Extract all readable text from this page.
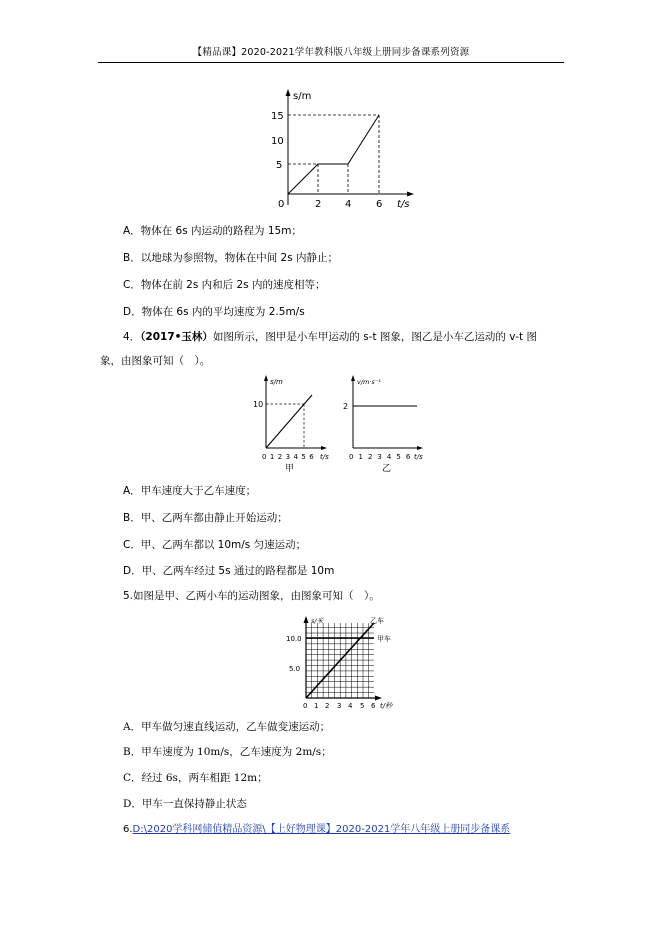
【精品课】2020-2021学年教科版八年级上册同步备课系列资源
s/m
15
10
5
0	2 4 6 t/s
A．物体在 6s 内运动的路程为 15m；
B．以地球为参照物，物体在中间 2s 内静止；
C．物体在前 2s 内和后 2s 内的速度相等；
D．物体在 6s 内的平均速度为 2.5m/s
4．（2017•玉林）如图所示，图甲是小车甲运动的 s-t 图象，图乙是小车乙运动的 v-t 图
象，由图象可知（　）。
s/m
10
0 1 2 3 4 5 6 t/s
甲
v/m·s⁻¹
2
0 1 2 3 4 5 6 t/s
乙
A．甲车速度大于乙车速度；
B．甲、乙两车都由静止开始运动；
C．甲、乙两车都以 10m/s 匀速运动；
D．甲、乙两车经过 5s 通过的路程都是 10m
5.如图是甲、乙两小车的运动图象，由图象可知（　）。
s/米
10.0
5.0
乙车
甲车
0 1 2 3 4 5 6 t/秒
A．甲车做匀速直线运动，乙车做变速运动；
B．甲车速度为 10m/s，乙车速度为 2m/s；
C．经过 6s，两车相距 12m；
D．甲车一直保持静止状态
6.D:\2020学科网储值精品资源\【上好物理课】2020-2021学年八年级上册同步备课系
